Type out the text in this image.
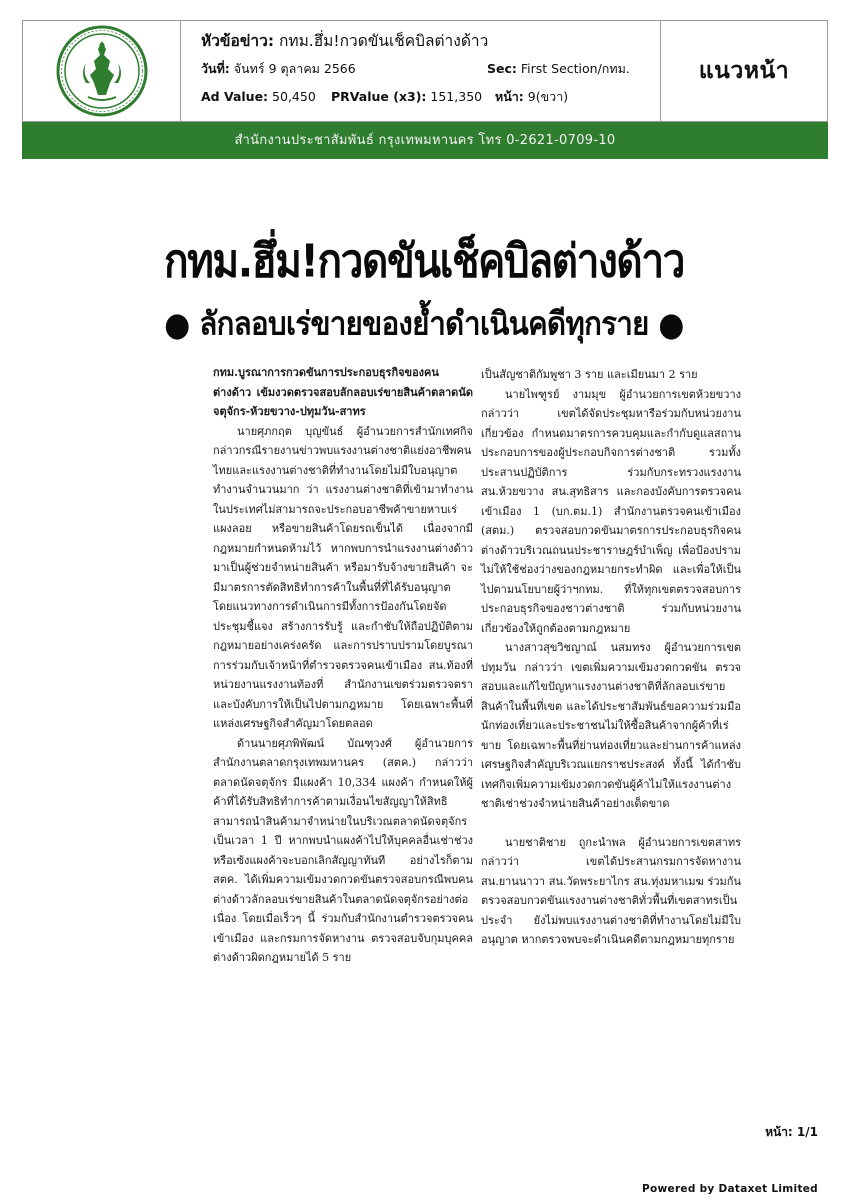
หัวข้อข่าว: กทม.ฮึ่ม!กวดขันเช็คบิลต่างด้าว
วันที่: จันทร์ 9 ตุลาคม 2566	Sec: First Section/กทม.
Ad Value: 50,450 PRValue (x3): 151,350 หน้า: 9(ขวา)
แนวหน้า
สำนักงานประชาสัมพันธ์ กรุงเทพมหานคร โทร 0-2621-0709-10
กทม.ฮึ่ม!กวดขันเช็คบิลต่างด้าว
● ลักลอบเร่ขายของย้ำดำเนินคดีทุกราย ●

กทม.บูรณาการกวดขันการประกอบธุรกิจของคนต่างด้าว เข้มงวดตรวจสอบลักลอบเร่ขายสินค้าตลาดนัดจตุจักร-ห้วยขวาง-ปทุมวัน-สาทร

นายศุภกฤต บุญขันธ์ ผู้อำนวยการสำนักเทศกิจ กล่าวกรณีรายงานข่าวพบแรงงานต่างชาติแย่งอาชีพคนไทยและแรงงานต่างชาติที่ทำงานโดยไม่มีใบอนุญาตทำงานจำนวนมาก ว่า แรงงานต่างชาติที่เข้ามาทำงานในประเทศไม่สามารถจะประกอบอาชีพค้าขายหาบเร่แผงลอย หรือขายสินค้าโดยรถเข็นได้ เนื่องจากมีกฎหมายกำหนดห้ามไว้ หากพบการนำแรงงานต่างด้าวมาเป็นผู้ช่วยจำหน่ายสินค้า หรือมารับจ้างขายสินค้า จะมีมาตรการตัดสิทธิทำการค้าในพื้นที่ที่ได้รับอนุญาต โดยแนวทางการดำเนินการมีทั้งการป้องกันโดยจัดประชุมชี้แจง สร้างการรับรู้ และกำชับให้ถือปฏิบัติตามกฎหมายอย่างเคร่งครัด และการปราบปรามโดยบูรณาการร่วมกับเจ้าหน้าที่ตำรวจตรวจคนเข้าเมือง สน.ท้องที่ หน่วยงานแรงงานท้องที่ สำนักงานเขตร่วมตรวจตราและบังคับการให้เป็นไปตามกฎหมาย โดยเฉพาะพื้นที่แหล่งเศรษฐกิจสำคัญมาโดยตลอด

ด้านนายศุภพิพัฒน์ บัณฑุวงศ์ ผู้อำนวยการสำนักงานตลาดกรุงเทพมหานคร (สตค.) กล่าวว่า ตลาดนัดจตุจักร มีแผงค้า 10,334 แผงค้า กำหนดให้ผู้ค้าที่ได้รับสิทธิทำการค้าตามเงื่อนไขสัญญาให้สิทธิสามารถนำสินค้ามาจำหน่ายในบริเวณตลาดนัดจตุจักรเป็นเวลา 1 ปี หากพบนำแผงค้าไปให้บุคคลอื่นเช่าช่วง หรือเซ้งแผงค้าจะบอกเลิกสัญญาทันที อย่างไรก็ตาม สตค. ได้เพิ่มความเข้มงวดกวดขันตรวจสอบกรณีพบคนต่างด้าวลักลอบเร่ขายสินค้าในตลาดนัดจตุจักรอย่างต่อเนื่อง โดยเมื่อเร็วๆ นี้ ร่วมกับสำนักงานตำรวจตรวจคนเข้าเมือง และกรมการจัดหางาน ตรวจสอบจับกุมบุคคลต่างด้าวผิดกฎหมายได้ 5 ราย

เป็นสัญชาติกัมพูชา 3 ราย และเมียนมา 2 ราย

นายไพฑูรย์ งามมุข ผู้อำนวยการเขตห้วยขวาง กล่าวว่า เขตได้จัดประชุมหารือร่วมกับหน่วยงานเกี่ยวข้อง กำหนดมาตรการควบคุมและกำกับดูแลสถานประกอบการของผู้ประกอบกิจการต่างชาติ รวมทั้งประสานปฏิบัติการ ร่วมกับกระทรวงแรงงาน สน.ห้วยขวาง สน.สุทธิสาร และกองบังคับการตรวจคนเข้าเมือง 1 (บก.ตม.1) สำนักงานตรวจคนเข้าเมือง (สตม.) ตรวจสอบกวดขันมาตรการประกอบธุรกิจคนต่างด้าวบริเวณถนนประชาราษฎร์บำเพ็ญ เพื่อป้องปรามไม่ให้ใช้ช่องว่างของกฎหมายกระทำผิด และเพื่อให้เป็นไปตามนโยบายผู้ว่าฯกทม. ที่ให้ทุกเขตตรวจสอบการประกอบธุรกิจของชาวต่างชาติ ร่วมกับหน่วยงานเกี่ยวข้องให้ถูกต้องตามกฎหมาย

นางสาวสุขวิชญาณ์ นสมทรง ผู้อำนวยการเขตปทุมวัน กล่าวว่า เขตเพิ่มความเข้มงวดกวดขัน ตรวจสอบและแก้ไขปัญหาแรงงานต่างชาติที่ลักลอบเร่ขายสินค้าในพื้นที่เขต และได้ประชาสัมพันธ์ขอความร่วมมือนักท่องเที่ยวและประชาชนไม่ให้ซื้อสินค้าจากผู้ค้าที่เร่ขาย โดยเฉพาะพื้นที่ย่านท่องเที่ยวและย่านการค้าแหล่งเศรษฐกิจสำคัญบริเวณแยกราชประสงค์ ทั้งนี้ ได้กำชับเทศกิจเพิ่มความเข้มงวดกวดขันผู้ค้าไม่ให้แรงงานต่างชาติเช่าช่วงจำหน่ายสินค้าอย่างเด็ดขาด

นายชาติชาย ถูกะนำพล ผู้อำนวยการเขตสาทร กล่าวว่า เขตได้ประสานกรมการจัดหางาน สน.ยานนาวา สน.วัดพระยาไกร สน.ทุ่งมหาเมฆ ร่วมกันตรวจสอบกวดขันแรงงานต่างชาติทั่วพื้นที่เขตสาทรเป็นประจำ ยังไม่พบแรงงานต่างชาติที่ทำงานโดยไม่มีใบอนุญาต หากตรวจพบจะดำเนินคดีตามกฎหมายทุกราย

หน้า: 1/1
Powered by Dataxet Limited
